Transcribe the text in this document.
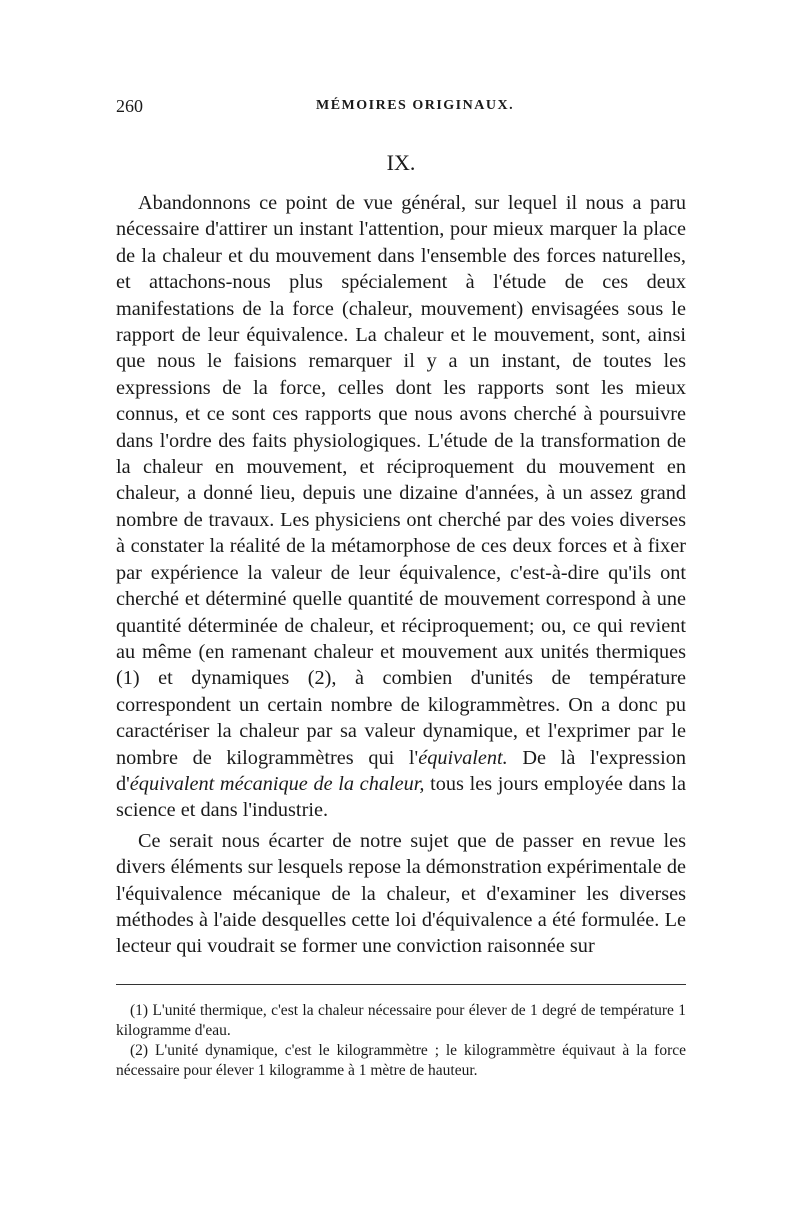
260	MÉMOIRES ORIGINAUX.
IX.

Abandonnons ce point de vue général, sur lequel il nous a paru nécessaire d'attirer un instant l'attention, pour mieux marquer la place de la chaleur et du mouvement dans l'ensemble des forces naturelles, et attachons-nous plus spécialement à l'étude de ces deux manifestations de la force (chaleur, mouvement) envisagées sous le rapport de leur équivalence. La chaleur et le mouvement, sont, ainsi que nous le faisions remarquer il y a un instant, de toutes les expressions de la force, celles dont les rapports sont les mieux connus, et ce sont ces rapports que nous avons cherché à poursuivre dans l'ordre des faits physiologiques. L'étude de la transformation de la chaleur en mouvement, et réciproquement du mouvement en chaleur, a donné lieu, depuis une dizaine d'années, à un assez grand nombre de travaux. Les physiciens ont cherché par des voies diverses à constater la réalité de la métamorphose de ces deux forces et à fixer par expérience la valeur de leur équivalence, c'est-à-dire qu'ils ont cherché et déterminé quelle quantité de mouvement correspond à une quantité déterminée de chaleur, et réciproquement; ou, ce qui revient au même (en ramenant chaleur et mouvement aux unités thermiques (1) et dynamiques (2), à combien d'unités de température correspondent un certain nombre de kilogrammètres. On a donc pu caractériser la chaleur par sa valeur dynamique, et l'exprimer par le nombre de kilogrammètres qui l'équivalent. De là l'expression d'équivalent mécanique de la chaleur, tous les jours employée dans la science et dans l'industrie.

Ce serait nous écarter de notre sujet que de passer en revue les divers éléments sur lesquels repose la démonstration expérimentale de l'équivalence mécanique de la chaleur, et d'examiner les diverses méthodes à l'aide desquelles cette loi d'équivalence a été formulée. Le lecteur qui voudrait se former une conviction raisonnée sur

(1) L'unité thermique, c'est la chaleur nécessaire pour élever de 1 degré de température 1 kilogramme d'eau.

(2) L'unité dynamique, c'est le kilogrammètre ; le kilogrammètre équivaut à la force nécessaire pour élever 1 kilogramme à 1 mètre de hauteur.
